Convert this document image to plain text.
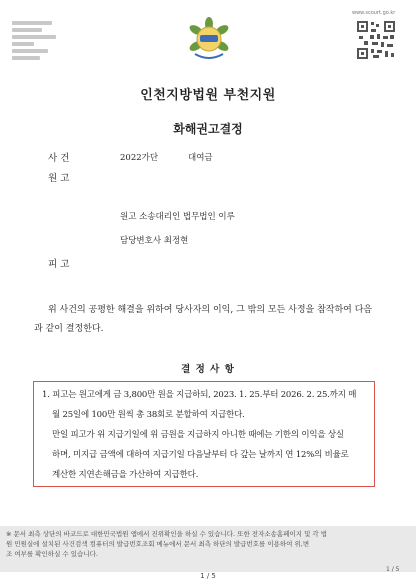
www.scourt.go.kr
인천지방법원 부천지원
화해권고결정
사 건	2022가단	대여금
원 고
원고 소송대리인 법무법인 이루
담당변호사 최정현
피 고
위 사건의 공평한 해결을 위하여 당사자의 이익, 그 밖의 모든 사정을 참작하여 다음
과 같이 결정한다.
결 정 사 항
1. 피고는 원고에게 금 3,800만 원을 지급하되, 2023. 1. 25.부터 2026. 2. 25.까지 매
월 25일에 100만 원씩 총 38회로 분할하여 지급한다.
만일 피고가 위 지급기일에 위 금원을 지급하지 아니한 때에는 기한의 이익을 상실
하며, 미지급 금액에 대하여 지급기일 다음날부터 다 갚는 날까지 연 12%의 비율로
계산한 지연손해금을 가산하여 지급한다.
※ 문서 최측 상단의 바코드로 대한민국법원 앱에서 진위확인을 하실 수 있습니다. 또한 전자소송홈페이지 및 각 법
원 민원실에 설치된 사건검색 컴퓨터의 발급번호조회 메뉴에서 문서 최측 하단의 발급번호를 이용하여 위,변
조 여부를 확인하실 수 있습니다.
1 / 5
1 / 5
